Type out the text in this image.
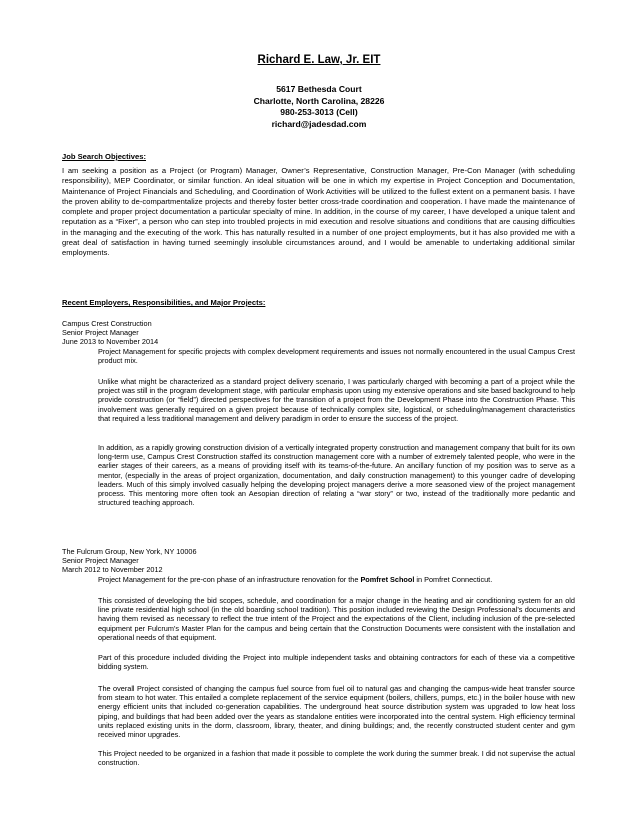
Richard E. Law, Jr. EIT
5617 Bethesda Court
Charlotte, North Carolina, 28226
980-253-3013 (Cell)
richard@jadesdad.com
Job Search Objectives:
I am seeking a position as a Project (or Program) Manager, Owner’s Representative, Construction Manager, Pre-Con Manager (with scheduling responsibility), MEP Coordinator, or similar function. An ideal situation will be one in which my expertise in Project Conception and Documentation, Maintenance of Project Financials and Scheduling, and Coordination of Work Activities will be utilized to the fullest extent on a permanent basis. I have the proven ability to de-compartmentalize projects and thereby foster better cross-trade coordination and cooperation. I have made the maintenance of complete and proper project documentation a particular specialty of mine. In addition, in the course of my career, I have developed a unique talent and reputation as a “Fixer”, a person who can step into troubled projects in mid execution and resolve situations and conditions that are causing difficulties in the managing and the executing of the work. This has naturally resulted in a number of one project employments, but it has also provided me with a great deal of satisfaction in having turned seemingly insoluble circumstances around, and I would be amenable to undertaking additional similar employments.
Recent Employers, Responsibilities, and Major Projects:
Campus Crest Construction
Senior Project Manager
June 2013 to November 2014
Project Management for specific projects with complex development requirements and issues not normally encountered in the usual Campus Crest product mix.
Unlike what might be characterized as a standard project delivery scenario, I was particularly charged with becoming a part of a project while the project was still in the program development stage, with particular emphasis upon using my extensive operations and site based background to help provide construction (or “field”) directed perspectives for the transition of a project from the Development Phase into the Construction Phase. This involvement was generally required on a given project because of technically complex site, logistical, or scheduling/management characteristics that required a less traditional management and delivery paradigm in order to ensure the success of the project.
In addition, as a rapidly growing construction division of a vertically integrated property construction and management company that built for its own long-term use, Campus Crest Construction staffed its construction management core with a number of extremely talented people, who were in the earlier stages of their careers, as a means of providing itself with its teams-of-the-future. An ancillary function of my position was to serve as a mentor, (especially in the areas of project organization, documentation, and daily construction management) to this younger cadre of developing leaders. Much of this simply involved casually helping the developing project managers derive a more seasoned view of the project management process. This mentoring more often took an Aesopian direction of relating a “war story” or two, instead of the traditionally more pedantic and structured teaching approach.
The Fulcrum Group, New York, NY 10006
Senior Project Manager
March 2012 to November 2012
Project Management for the pre-con phase of an infrastructure renovation for the Pomfret School in Pomfret Connecticut.
This consisted of developing the bid scopes, schedule, and coordination for a major change in the heating and air conditioning system for an old line private residential high school (in the old boarding school tradition). This position included reviewing the Design Professional’s documents and having them revised as necessary to reflect the true intent of the Project and the expectations of the Client, including inclusion of the pre-selected equipment per Fulcrum’s Master Plan for the campus and being certain that the Construction Documents were consistent with the installation and operational needs of that equipment.
Part of this procedure included dividing the Project into multiple independent tasks and obtaining contractors for each of these via a competitive bidding system.
The overall Project consisted of changing the campus fuel source from fuel oil to natural gas and changing the campus-wide heat transfer source from steam to hot water. This entailed a complete replacement of the service equipment (boilers, chillers, pumps, etc.) in the boiler house with new energy efficient units that included co-generation capabilities. The underground heat source distribution system was upgraded to low heat loss piping, and buildings that had been added over the years as standalone entities were incorporated into the central system. High efficiency terminal units replaced existing units in the dorm, classroom, library, theater, and dining buildings; and, the recently constructed student center and gym received minor upgrades.
This Project needed to be organized in a fashion that made it possible to complete the work during the summer break. I did not supervise the actual construction.
